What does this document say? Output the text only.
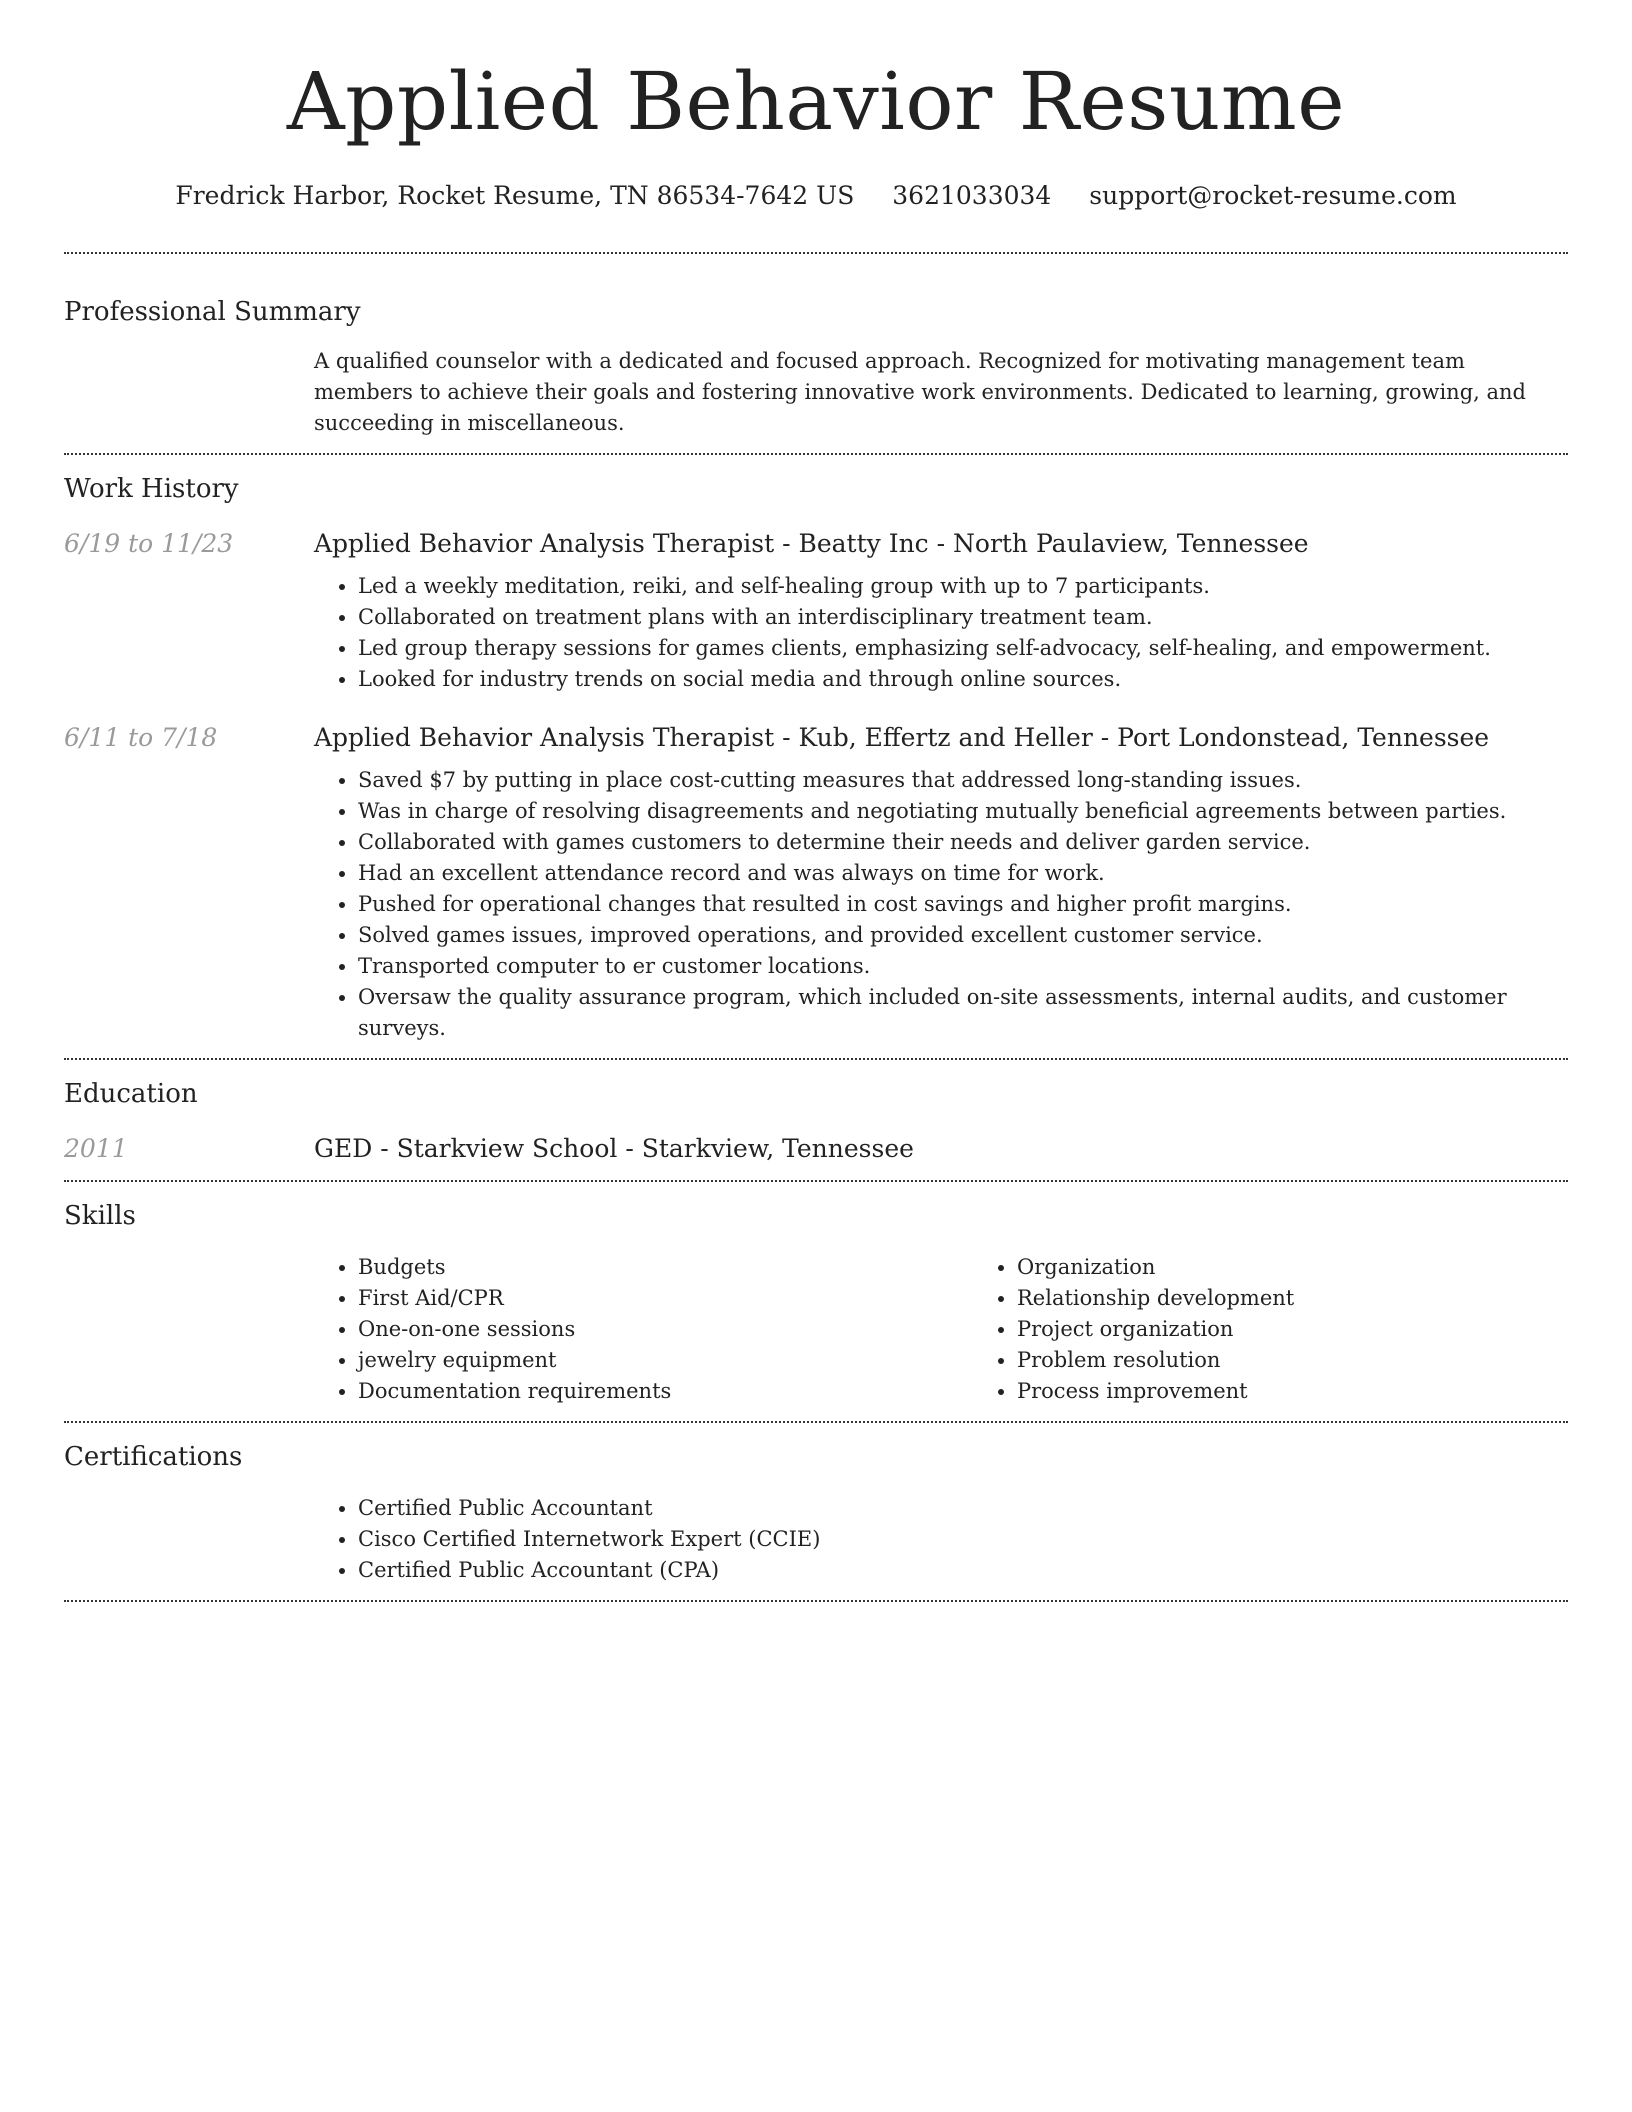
Applied Behavior Resume
Fredrick Harbor, Rocket Resume, TN 86534-7642 US 3621033034 support@rocket-resume.com
Professional Summary

A qualified counselor with a dedicated and focused approach. Recognized for motivating management team members to achieve their goals and fostering innovative work environments. Dedicated to learning, growing, and succeeding in miscellaneous.

Work History
6/19 to 11/23	Applied Behavior Analysis Therapist - Beatty Inc - North Paulaview, Tennessee

• Led a weekly meditation, reiki, and self-healing group with up to 7 participants.
• Collaborated on treatment plans with an interdisciplinary treatment team.
• Led group therapy sessions for games clients, emphasizing self-advocacy, self-healing, and empowerment.
• Looked for industry trends on social media and through online sources.
6/11 to 7/18	Applied Behavior Analysis Therapist - Kub, Effertz and Heller - Port Londonstead, Tennessee

• Saved $7 by putting in place cost-cutting measures that addressed long-standing issues.
• Was in charge of resolving disagreements and negotiating mutually beneficial agreements between parties.
• Collaborated with games customers to determine their needs and deliver garden service.
• Had an excellent attendance record and was always on time for work.
• Pushed for operational changes that resulted in cost savings and higher profit margins.
• Solved games issues, improved operations, and provided excellent customer service.
• Transported computer to er customer locations.
• Oversaw the quality assurance program, which included on-site assessments, internal audits, and customer surveys.
Education
2011	GED - Starkview School - Starkview, Tennessee

Skills
• Budgets
• First Aid/CPR
• One-on-one sessions
• jewelry equipment
• Documentation requirements
• Organization
• Relationship development
• Project organization
• Problem resolution
• Process improvement
Certifications
• Certified Public Accountant
• Cisco Certified Internetwork Expert (CCIE)
• Certified Public Accountant (CPA)
